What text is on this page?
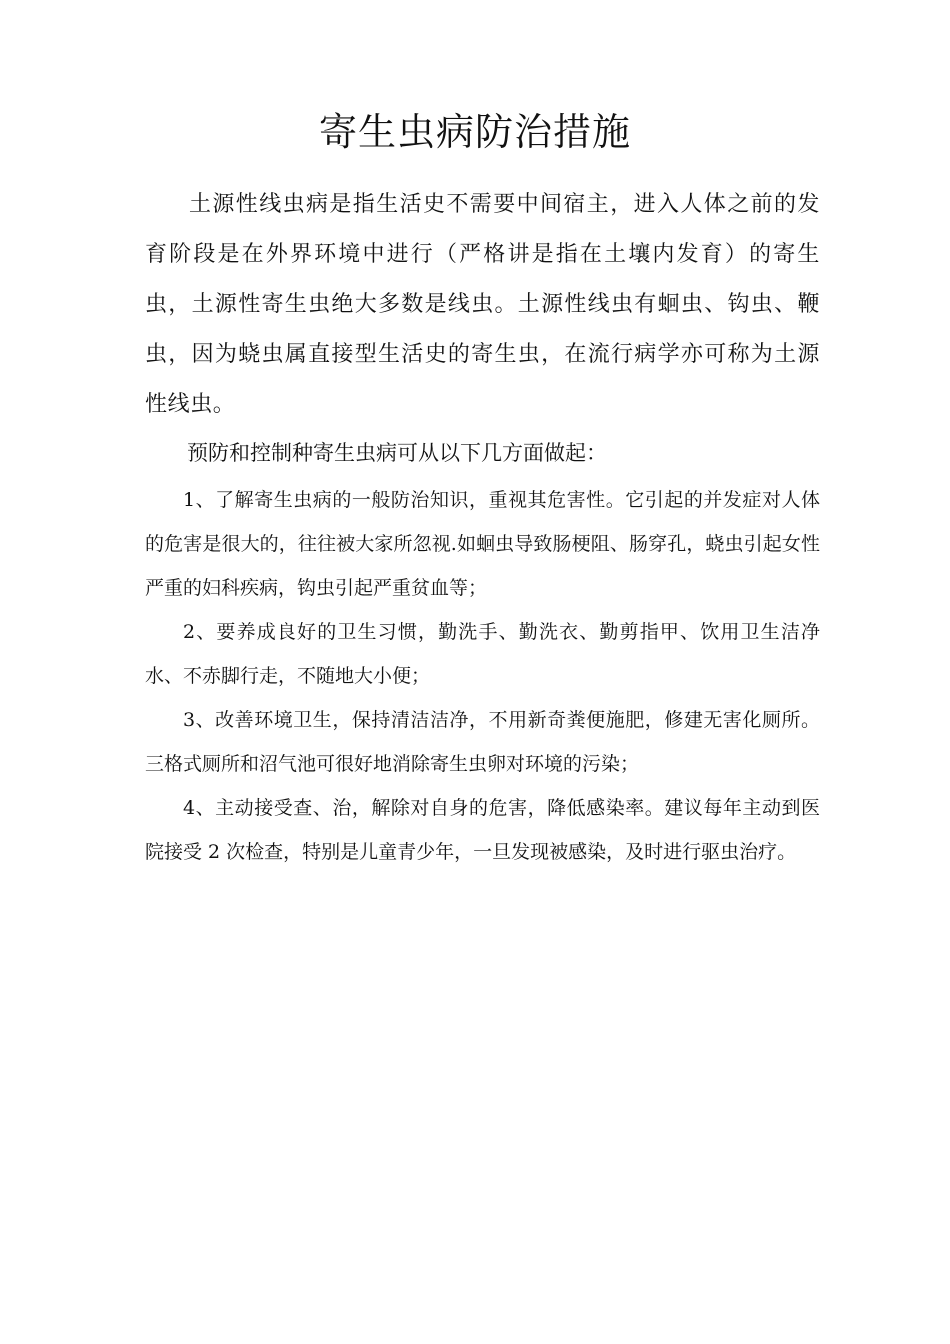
寄生虫病防治措施

土源性线虫病是指生活史不需要中间宿主，进入人体之前的发育阶段是在外界环境中进行（严格讲是指在土壤内发育）的寄生虫，土源性寄生虫绝大多数是线虫。土源性线虫有蛔虫、钩虫、鞭虫，因为蛲虫属直接型生活史的寄生虫，在流行病学亦可称为土源性线虫。

预防和控制种寄生虫病可从以下几方面做起：

1、了解寄生虫病的一般防治知识，重视其危害性。它引起的并发症对人体的危害是很大的，往往被大家所忽视.如蛔虫导致肠梗阻、肠穿孔，蛲虫引起女性严重的妇科疾病，钩虫引起严重贫血等；

2、要养成良好的卫生习惯，勤洗手、勤洗衣、勤剪指甲、饮用卫生洁净水、不赤脚行走，不随地大小便；

3、改善环境卫生，保持清洁洁净，不用新奇粪便施肥，修建无害化厕所。三格式厕所和沼气池可很好地消除寄生虫卵对环境的污染；

4、主动接受查、治，解除对自身的危害，降低感染率。建议每年主动到医院接受 2 次检查，特别是儿童青少年，一旦发现被感染，及时进行驱虫治疗。
